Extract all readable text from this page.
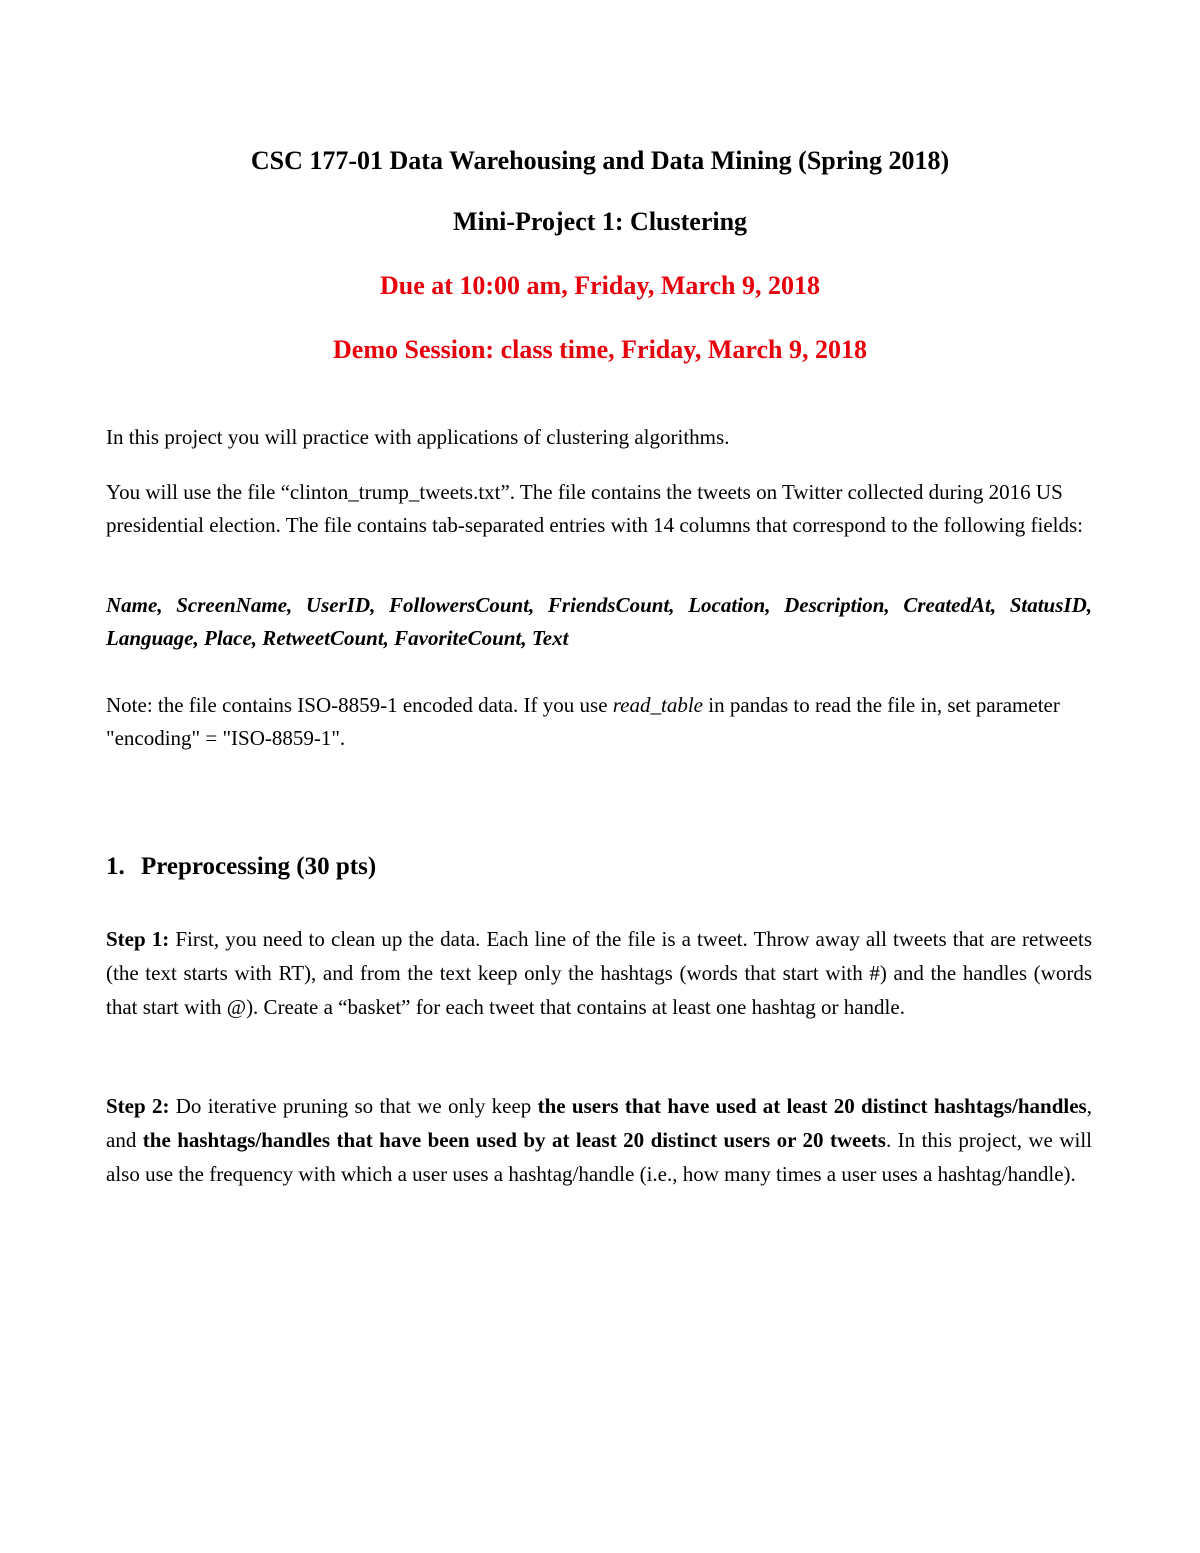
CSC 177-01 Data Warehousing and Data Mining (Spring 2018)
Mini-Project 1: Clustering
Due at 10:00 am, Friday, March 9, 2018
Demo Session: class time, Friday, March 9, 2018
In this project you will practice with applications of clustering algorithms.
You will use the file “clinton_trump_tweets.txt”. The file contains the tweets on Twitter collected during 2016 US presidential election. The file contains tab-separated entries with 14 columns that correspond to the following fields:
Name, ScreenName, UserID, FollowersCount, FriendsCount, Location, Description, CreatedAt, StatusID, Language, Place, RetweetCount, FavoriteCount, Text
Note: the file contains ISO-8859-1 encoded data. If you use read_table in pandas to read the file in, set parameter "encoding" = "ISO-8859-1".
1. Preprocessing (30 pts)
Step 1: First, you need to clean up the data. Each line of the file is a tweet. Throw away all tweets that are retweets (the text starts with RT), and from the text keep only the hashtags (words that start with #) and the handles (words that start with @). Create a “basket” for each tweet that contains at least one hashtag or handle.
Step 2: Do iterative pruning so that we only keep the users that have used at least 20 distinct hashtags/handles, and the hashtags/handles that have been used by at least 20 distinct users or 20 tweets. In this project, we will also use the frequency with which a user uses a hashtag/handle (i.e., how many times a user uses a hashtag/handle).
